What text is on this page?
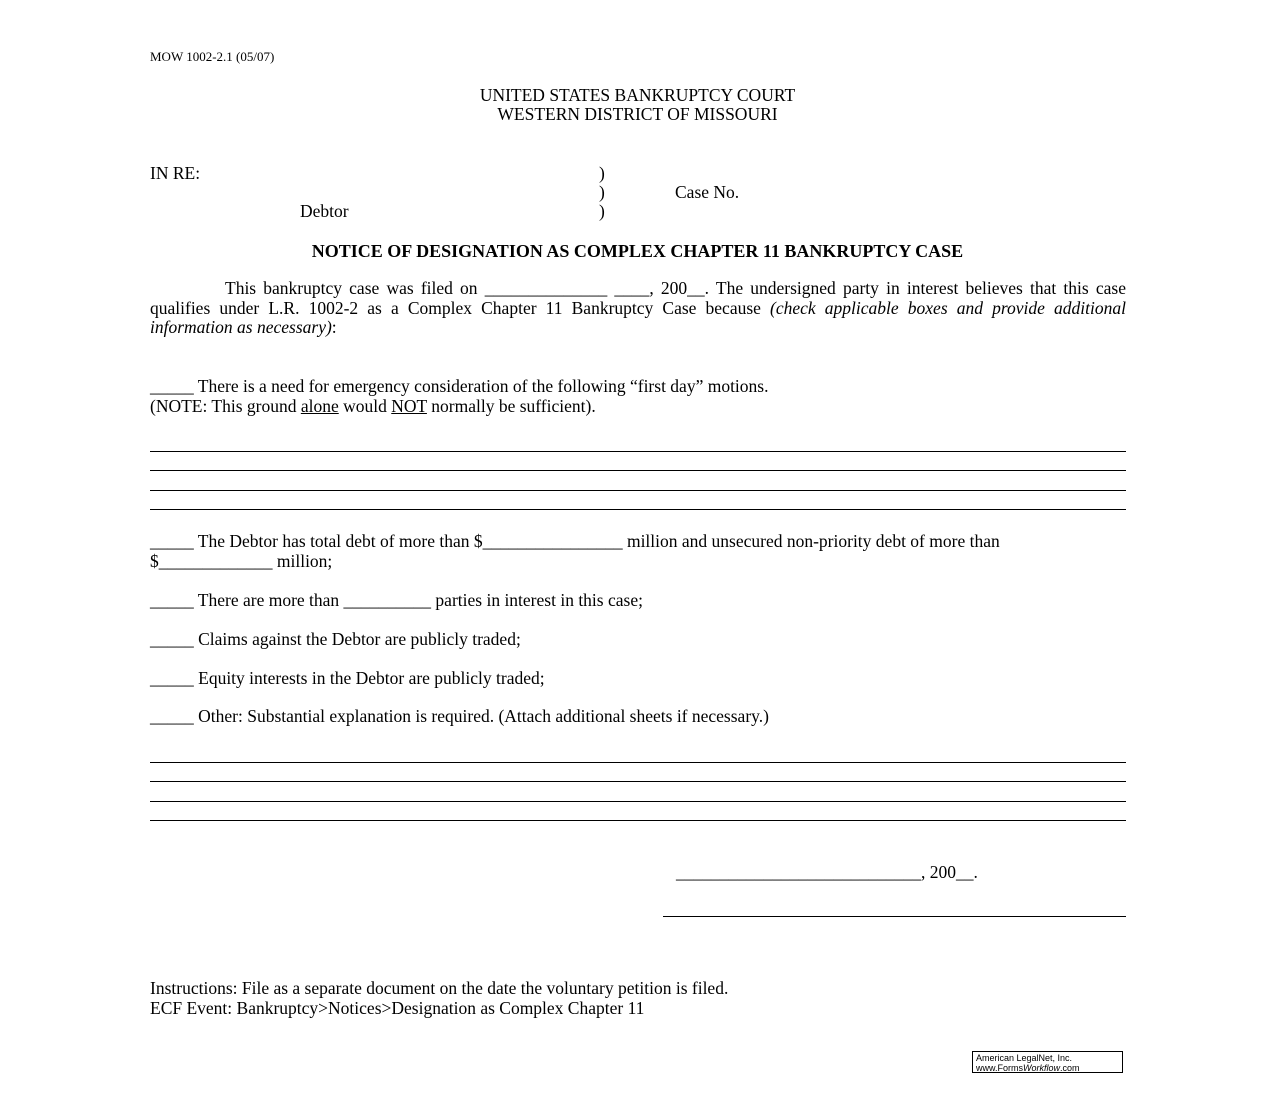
MOW 1002-2.1 (05/07)
UNITED STATES BANKRUPTCY COURT
WESTERN DISTRICT OF MISSOURI
IN RE:	)
)	Case No.
Debtor	)
NOTICE OF DESIGNATION AS COMPLEX CHAPTER 11 BANKRUPTCY CASE
This bankruptcy case was filed on ______________ ____, 200__. The undersigned party in interest believes that this case qualifies under L.R. 1002-2 as a Complex Chapter 11 Bankruptcy Case because (check applicable boxes and provide additional information as necessary):
_____ There is a need for emergency consideration of the following “first day” motions.
(NOTE: This ground alone would NOT normally be sufficient).
_____ The Debtor has total debt of more than $________________ million and unsecured non-priority debt of more than $_____________ million;
_____ There are more than __________ parties in interest in this case;
_____ Claims against the Debtor are publicly traded;
_____ Equity interests in the Debtor are publicly traded;
_____ Other: Substantial explanation is required. (Attach additional sheets if necessary.)
____________________________, 200__.
Instructions: File as a separate document on the date the voluntary petition is filed.
ECF Event: Bankruptcy>Notices>Designation as Complex Chapter 11
American LegalNet, Inc.
www.FormsWorkflow.com
